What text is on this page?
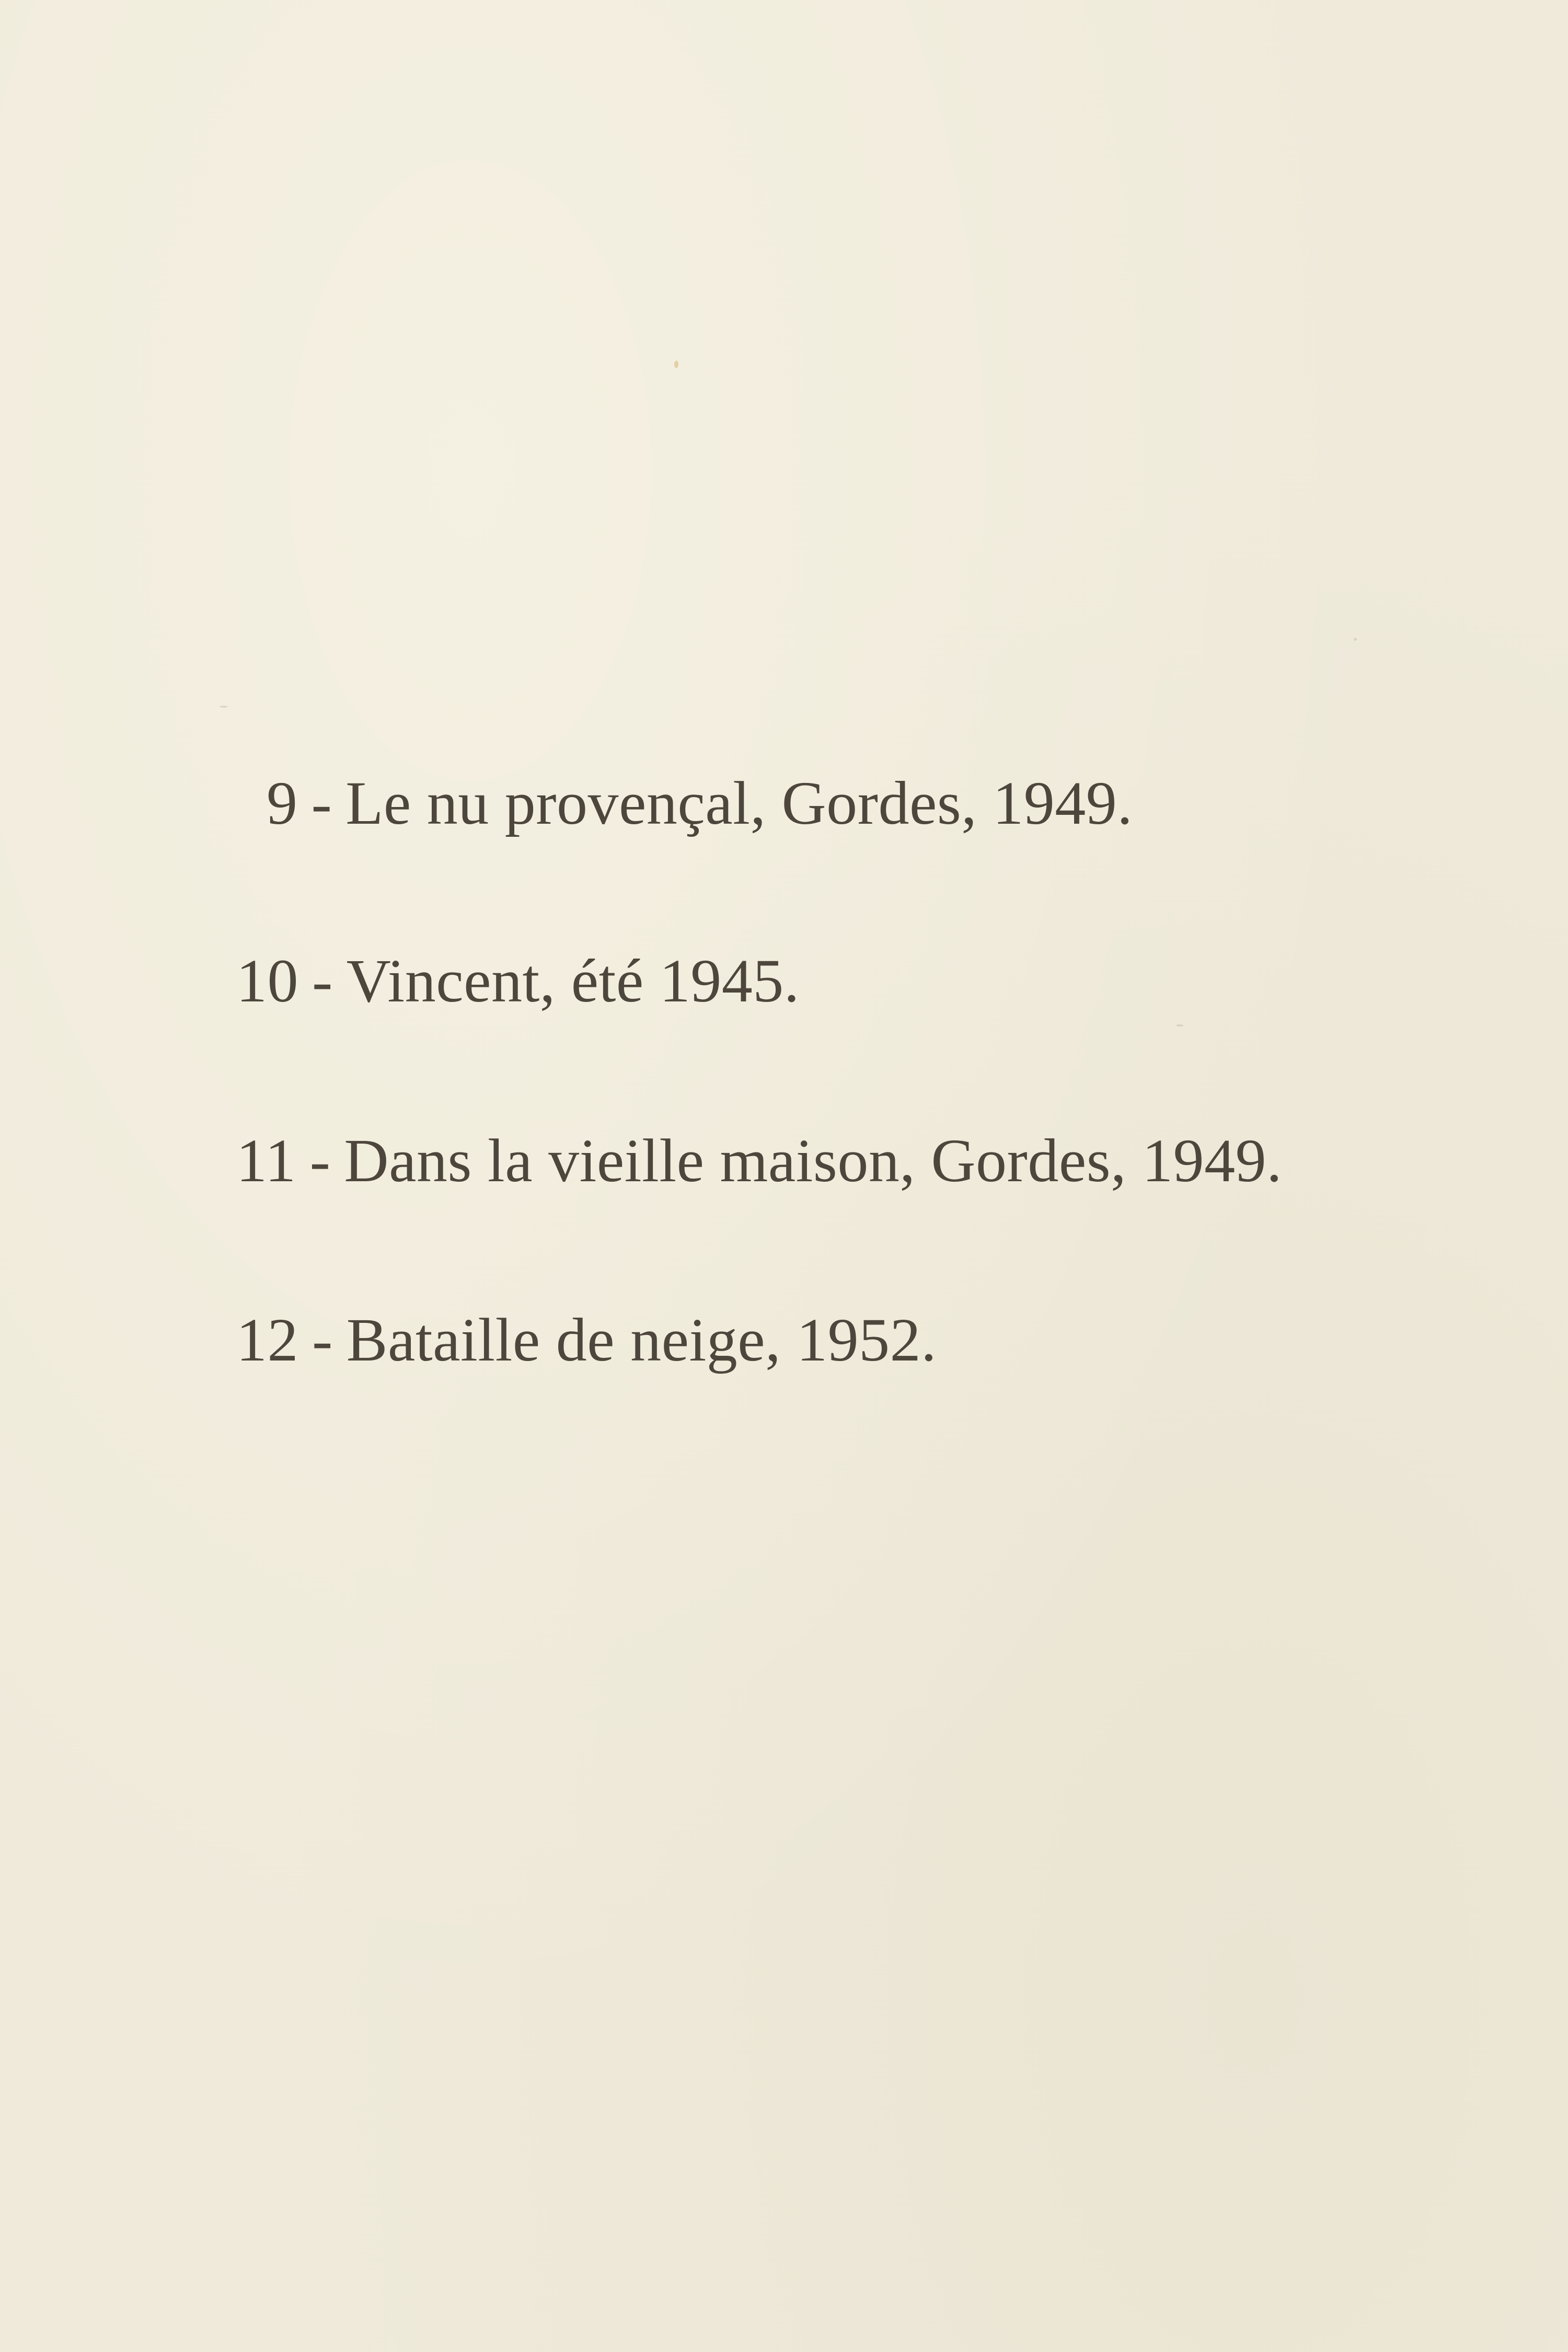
9 - Le nu provençal, Gordes, 1949.
10 - Vincent, été 1945.
11 - Dans la vieille maison, Gordes, 1949.
12 - Bataille de neige, 1952.
